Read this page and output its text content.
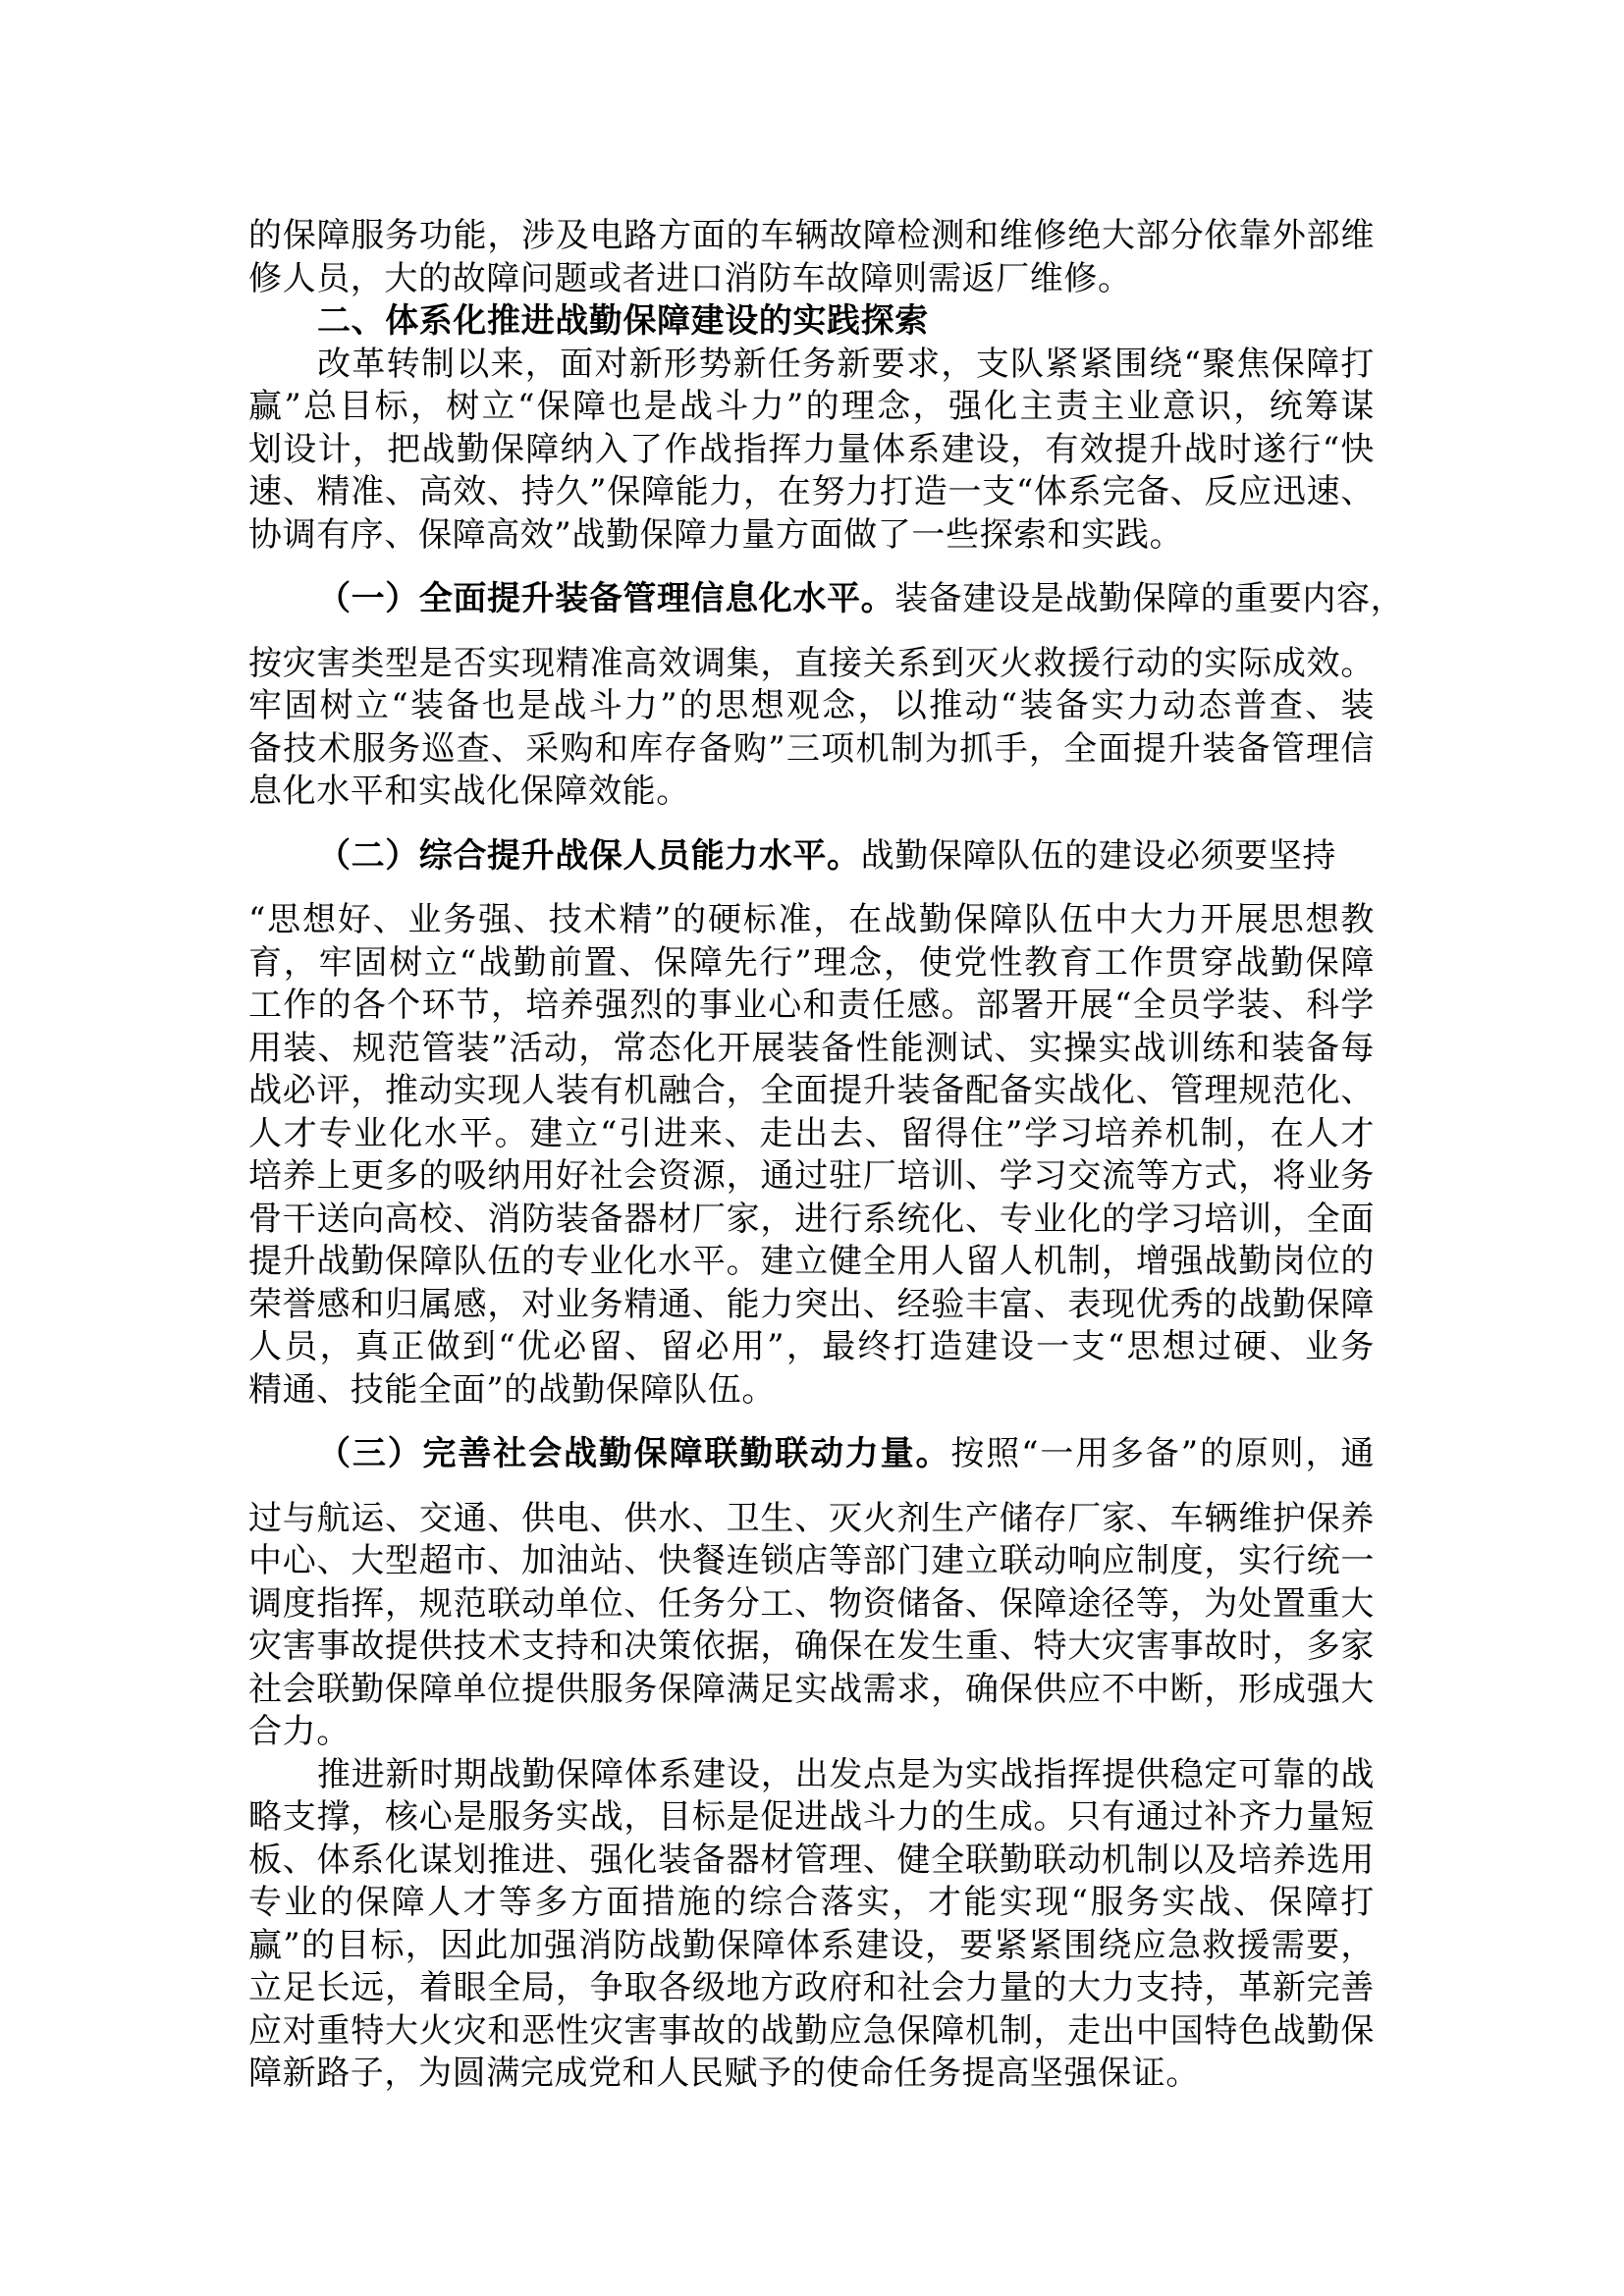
的保障服务功能，涉及电路方面的车辆故障检测和维修绝大部分依靠外部维
修人员，大的故障问题或者进口消防车故障则需返厂维修。
二、体系化推进战勤保障建设的实践探索
改革转制以来，面对新形势新任务新要求，支队紧紧围绕“聚焦保障打
赢”总目标，树立“保障也是战斗力”的理念，强化主责主业意识，统筹谋
划设计，把战勤保障纳入了作战指挥力量体系建设，有效提升战时遂行“快
速、精准、高效、持久”保障能力，在努力打造一支“体系完备、反应迅速、
协调有序、保障高效”战勤保障力量方面做了一些探索和实践。
（一）全面提升装备管理信息化水平。装备建设是战勤保障的重要内容，
按灾害类型是否实现精准高效调集，直接关系到灭火救援行动的实际成效。
牢固树立“装备也是战斗力”的思想观念，以推动“装备实力动态普查、装
备技术服务巡查、采购和库存备购”三项机制为抓手，全面提升装备管理信
息化水平和实战化保障效能。
（二）综合提升战保人员能力水平。战勤保障队伍的建设必须要坚持
“思想好、业务强、技术精”的硬标准，在战勤保障队伍中大力开展思想教
育，牢固树立“战勤前置、保障先行”理念，使党性教育工作贯穿战勤保障
工作的各个环节，培养强烈的事业心和责任感。部署开展“全员学装、科学
用装、规范管装”活动，常态化开展装备性能测试、实操实战训练和装备每
战必评，推动实现人装有机融合，全面提升装备配备实战化、管理规范化、
人才专业化水平。建立“引进来、走出去、留得住”学习培养机制，在人才
培养上更多的吸纳用好社会资源，通过驻厂培训、学习交流等方式，将业务
骨干送向高校、消防装备器材厂家，进行系统化、专业化的学习培训，全面
提升战勤保障队伍的专业化水平。建立健全用人留人机制，增强战勤岗位的
荣誉感和归属感，对业务精通、能力突出、经验丰富、表现优秀的战勤保障
人员，真正做到“优必留、留必用”，最终打造建设一支“思想过硬、业务
精通、技能全面”的战勤保障队伍。
（三）完善社会战勤保障联勤联动力量。按照“一用多备”的原则，通
过与航运、交通、供电、供水、卫生、灭火剂生产储存厂家、车辆维护保养
中心、大型超市、加油站、快餐连锁店等部门建立联动响应制度，实行统一
调度指挥，规范联动单位、任务分工、物资储备、保障途径等，为处置重大
灾害事故提供技术支持和决策依据，确保在发生重、特大灾害事故时，多家
社会联勤保障单位提供服务保障满足实战需求，确保供应不中断，形成强大
合力。
推进新时期战勤保障体系建设，出发点是为实战指挥提供稳定可靠的战
略支撑，核心是服务实战，目标是促进战斗力的生成。只有通过补齐力量短
板、体系化谋划推进、强化装备器材管理、健全联勤联动机制以及培养选用
专业的保障人才等多方面措施的综合落实，才能实现“服务实战、保障打
赢”的目标，因此加强消防战勤保障体系建设，要紧紧围绕应急救援需要，
立足长远，着眼全局，争取各级地方政府和社会力量的大力支持，革新完善
应对重特大火灾和恶性灾害事故的战勤应急保障机制，走出中国特色战勤保
障新路子，为圆满完成党和人民赋予的使命任务提高坚强保证。
